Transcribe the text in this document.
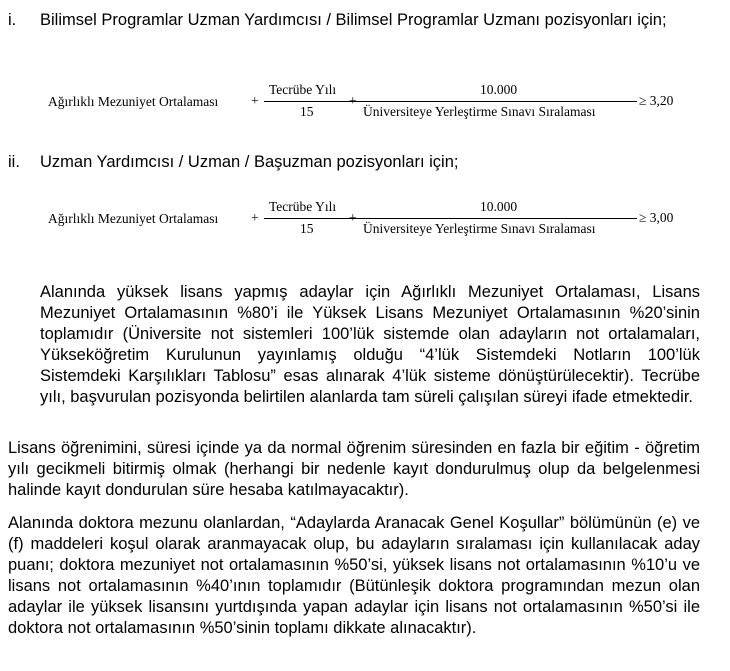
i. Bilimsel Programlar Uzman Yardımcısı / Bilimsel Programlar Uzmanı pozisyonları için;
Ağırlıklı Mezuniyet Ortalaması +
Tecrübe Yılı
15
+
10.000
Üniversiteye Yerleştirme Sınavı Sıralaması
≥ 3,20
ii. Uzman Yardımcısı / Uzman / Başuzman pozisyonları için;
Ağırlıklı Mezuniyet Ortalaması +
Tecrübe Yılı
15
+
10.000
Üniversiteye Yerleştirme Sınavı Sıralaması
≥ 3,00

Alanında yüksek lisans yapmış adaylar için Ağırlıklı Mezuniyet Ortalaması, Lisans Mezuniyet Ortalamasının %80’i ile Yüksek Lisans Mezuniyet Ortalamasının %20’sinin toplamıdır (Üniversite not sistemleri 100’lük sistemde olan adayların not ortalamaları, Yükseköğretim Kurulunun yayınlamış olduğu “4’lük Sistemdeki Notların 100’lük Sistemdeki Karşılıkları Tablosu” esas alınarak 4’lük sisteme dönüştürülecektir). Tecrübe yılı, başvurulan pozisyonda belirtilen alanlarda tam süreli çalışılan süreyi ifade etmektedir.

Lisans öğrenimini, süresi içinde ya da normal öğrenim süresinden en fazla bir eğitim - öğretim yılı gecikmeli bitirmiş olmak (herhangi bir nedenle kayıt dondurulmuş olup da belgelenmesi halinde kayıt dondurulan süre hesaba katılmayacaktır).

Alanında doktora mezunu olanlardan, “Adaylarda Aranacak Genel Koşullar” bölümünün (e) ve (f) maddeleri koşul olarak aranmayacak olup, bu adayların sıralaması için kullanılacak aday puanı; doktora mezuniyet not ortalamasının %50’si, yüksek lisans not ortalamasının %10’u ve lisans not ortalamasının %40’ının toplamıdır (Bütünleşik doktora programından mezun olan adaylar ile yüksek lisansını yurtdışında yapan adaylar için lisans not ortalamasının %50’si ile doktora not ortalamasının %50’sinin toplamı dikkate alınacaktır).
